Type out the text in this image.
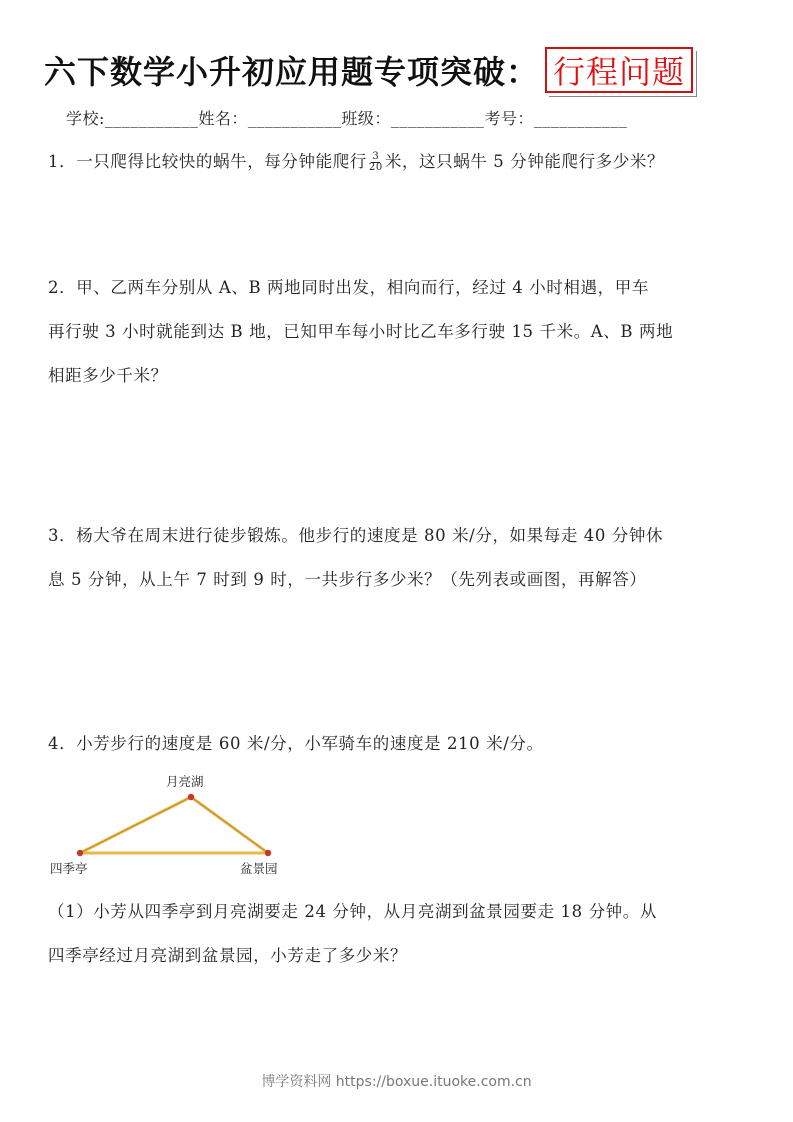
六下数学小升初应用题专项突破： 行程问题
学校:___________姓名：___________班级：___________考号：___________
1．一只爬得比较快的蜗牛，每分钟能爬行 $\frac{3}{20}$ 米，这只蜗牛 5 分钟能爬行多少米？
2．甲、乙两车分别从 A、B 两地同时出发，相向而行，经过 4 小时相遇，甲车
再行驶 3 小时就能到达 B 地，已知甲车每小时比乙车多行驶 15 千米。A、B 两地
相距多少千米？
3．杨大爷在周末进行徒步锻炼。他步行的速度是 80 米/分，如果每走 40 分钟休
息 5 分钟，从上午 7 时到 9 时，一共步行多少米？（先列表或画图，再解答）
4．小芳步行的速度是 60 米/分，小军骑车的速度是 210 米/分。
月亮湖
四季亭	盆景园
（1）小芳从四季亭到月亮湖要走 24 分钟，从月亮湖到盆景园要走 18 分钟。从
四季亭经过月亮湖到盆景园，小芳走了多少米？
博学资料网 https://boxue.ituoke.com.cn
